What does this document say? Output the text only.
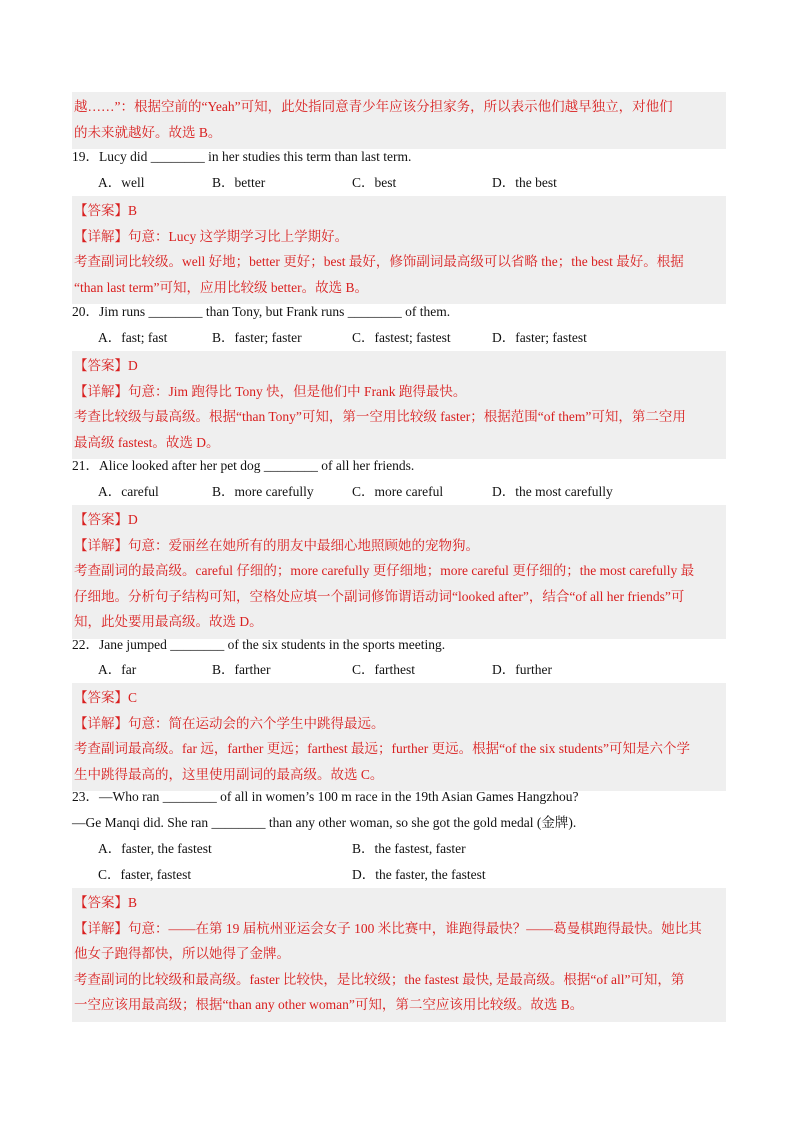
越……”：根据空前的“Yeah”可知，此处指同意青少年应该分担家务，所以表示他们越早独立，对他们
的未来就越好。故选 B。
19．Lucy did ________ in her studies this term than last term.
A．well	B．better	C．best	D．the best
【答案】B
【详解】句意：Lucy 这学期学习比上学期好。
考查副词比较级。well 好地；better 更好；best 最好，修饰副词最高级可以省略 the；the best 最好。根据
“than last term”可知，应用比较级 better。故选 B。
20．Jim runs ________ than Tony, but Frank runs ________ of them.
A．fast; fast	B．faster; faster	C．fastest; fastest	D．faster; fastest
【答案】D
【详解】句意：Jim 跑得比 Tony 快，但是他们中 Frank 跑得最快。
考查比较级与最高级。根据“than Tony”可知，第一空用比较级 faster；根据范围“of them”可知，第二空用
最高级 fastest。故选 D。
21．Alice looked after her pet dog ________ of all her friends.
A．careful	B．more carefully	C．more careful	D．the most carefully
【答案】D
【详解】句意：爱丽丝在她所有的朋友中最细心地照顾她的宠物狗。
考查副词的最高级。careful 仔细的；more carefully 更仔细地；more careful 更仔细的；the most carefully 最
仔细地。分析句子结构可知，空格处应填一个副词修饰谓语动词“looked after”，结合“of all her friends”可
知，此处要用最高级。故选 D。
22．Jane jumped ________ of the six students in the sports meeting.
A．far	B．farther	C．farthest	D．further
【答案】C
【详解】句意：简在运动会的六个学生中跳得最远。
考查副词最高级。far 远，farther 更远；farthest 最远；further 更远。根据“of the six students”可知是六个学
生中跳得最高的，这里使用副词的最高级。故选 C。
23．—Who ran ________ of all in women’s 100 m race in the 19th Asian Games Hangzhou?
—Ge Manqi did. She ran ________ than any other woman, so she got the gold medal (金牌).
A．faster, the fastest	B．the fastest, faster
C．faster, fastest	D．the faster, the fastest
【答案】B
【详解】句意：——在第 19 届杭州亚运会女子 100 米比赛中，谁跑得最快？——葛曼棋跑得最快。她比其
他女子跑得都快，所以她得了金牌。
考查副词的比较级和最高级。faster 比较快，是比较级；the fastest 最快, 是最高级。根据“of all”可知，第
一空应该用最高级；根据“than any other woman”可知，第二空应该用比较级。故选 B。
